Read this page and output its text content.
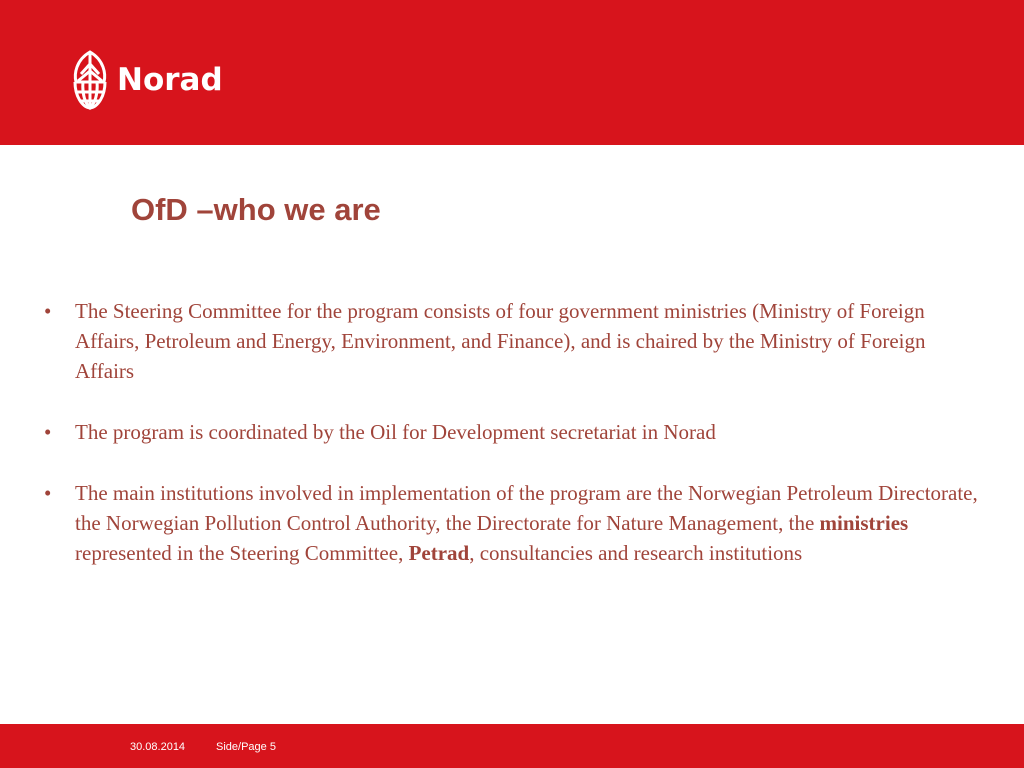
Norad
OfD –who we are
•	The Steering Committee for the program consists of four government ministries (Ministry of Foreign Affairs, Petroleum and Energy, Environment, and Finance), and is chaired by the Ministry of Foreign Affairs
•	The program is coordinated by the Oil for Development secretariat in Norad
•	The main institutions involved in implementation of the program are the Norwegian Petroleum Directorate, the Norwegian Pollution Control Authority, the Directorate for Nature Management, the ministries represented in the Steering Committee, Petrad, consultancies and research institutions
30.08.2014	Side/Page 5
